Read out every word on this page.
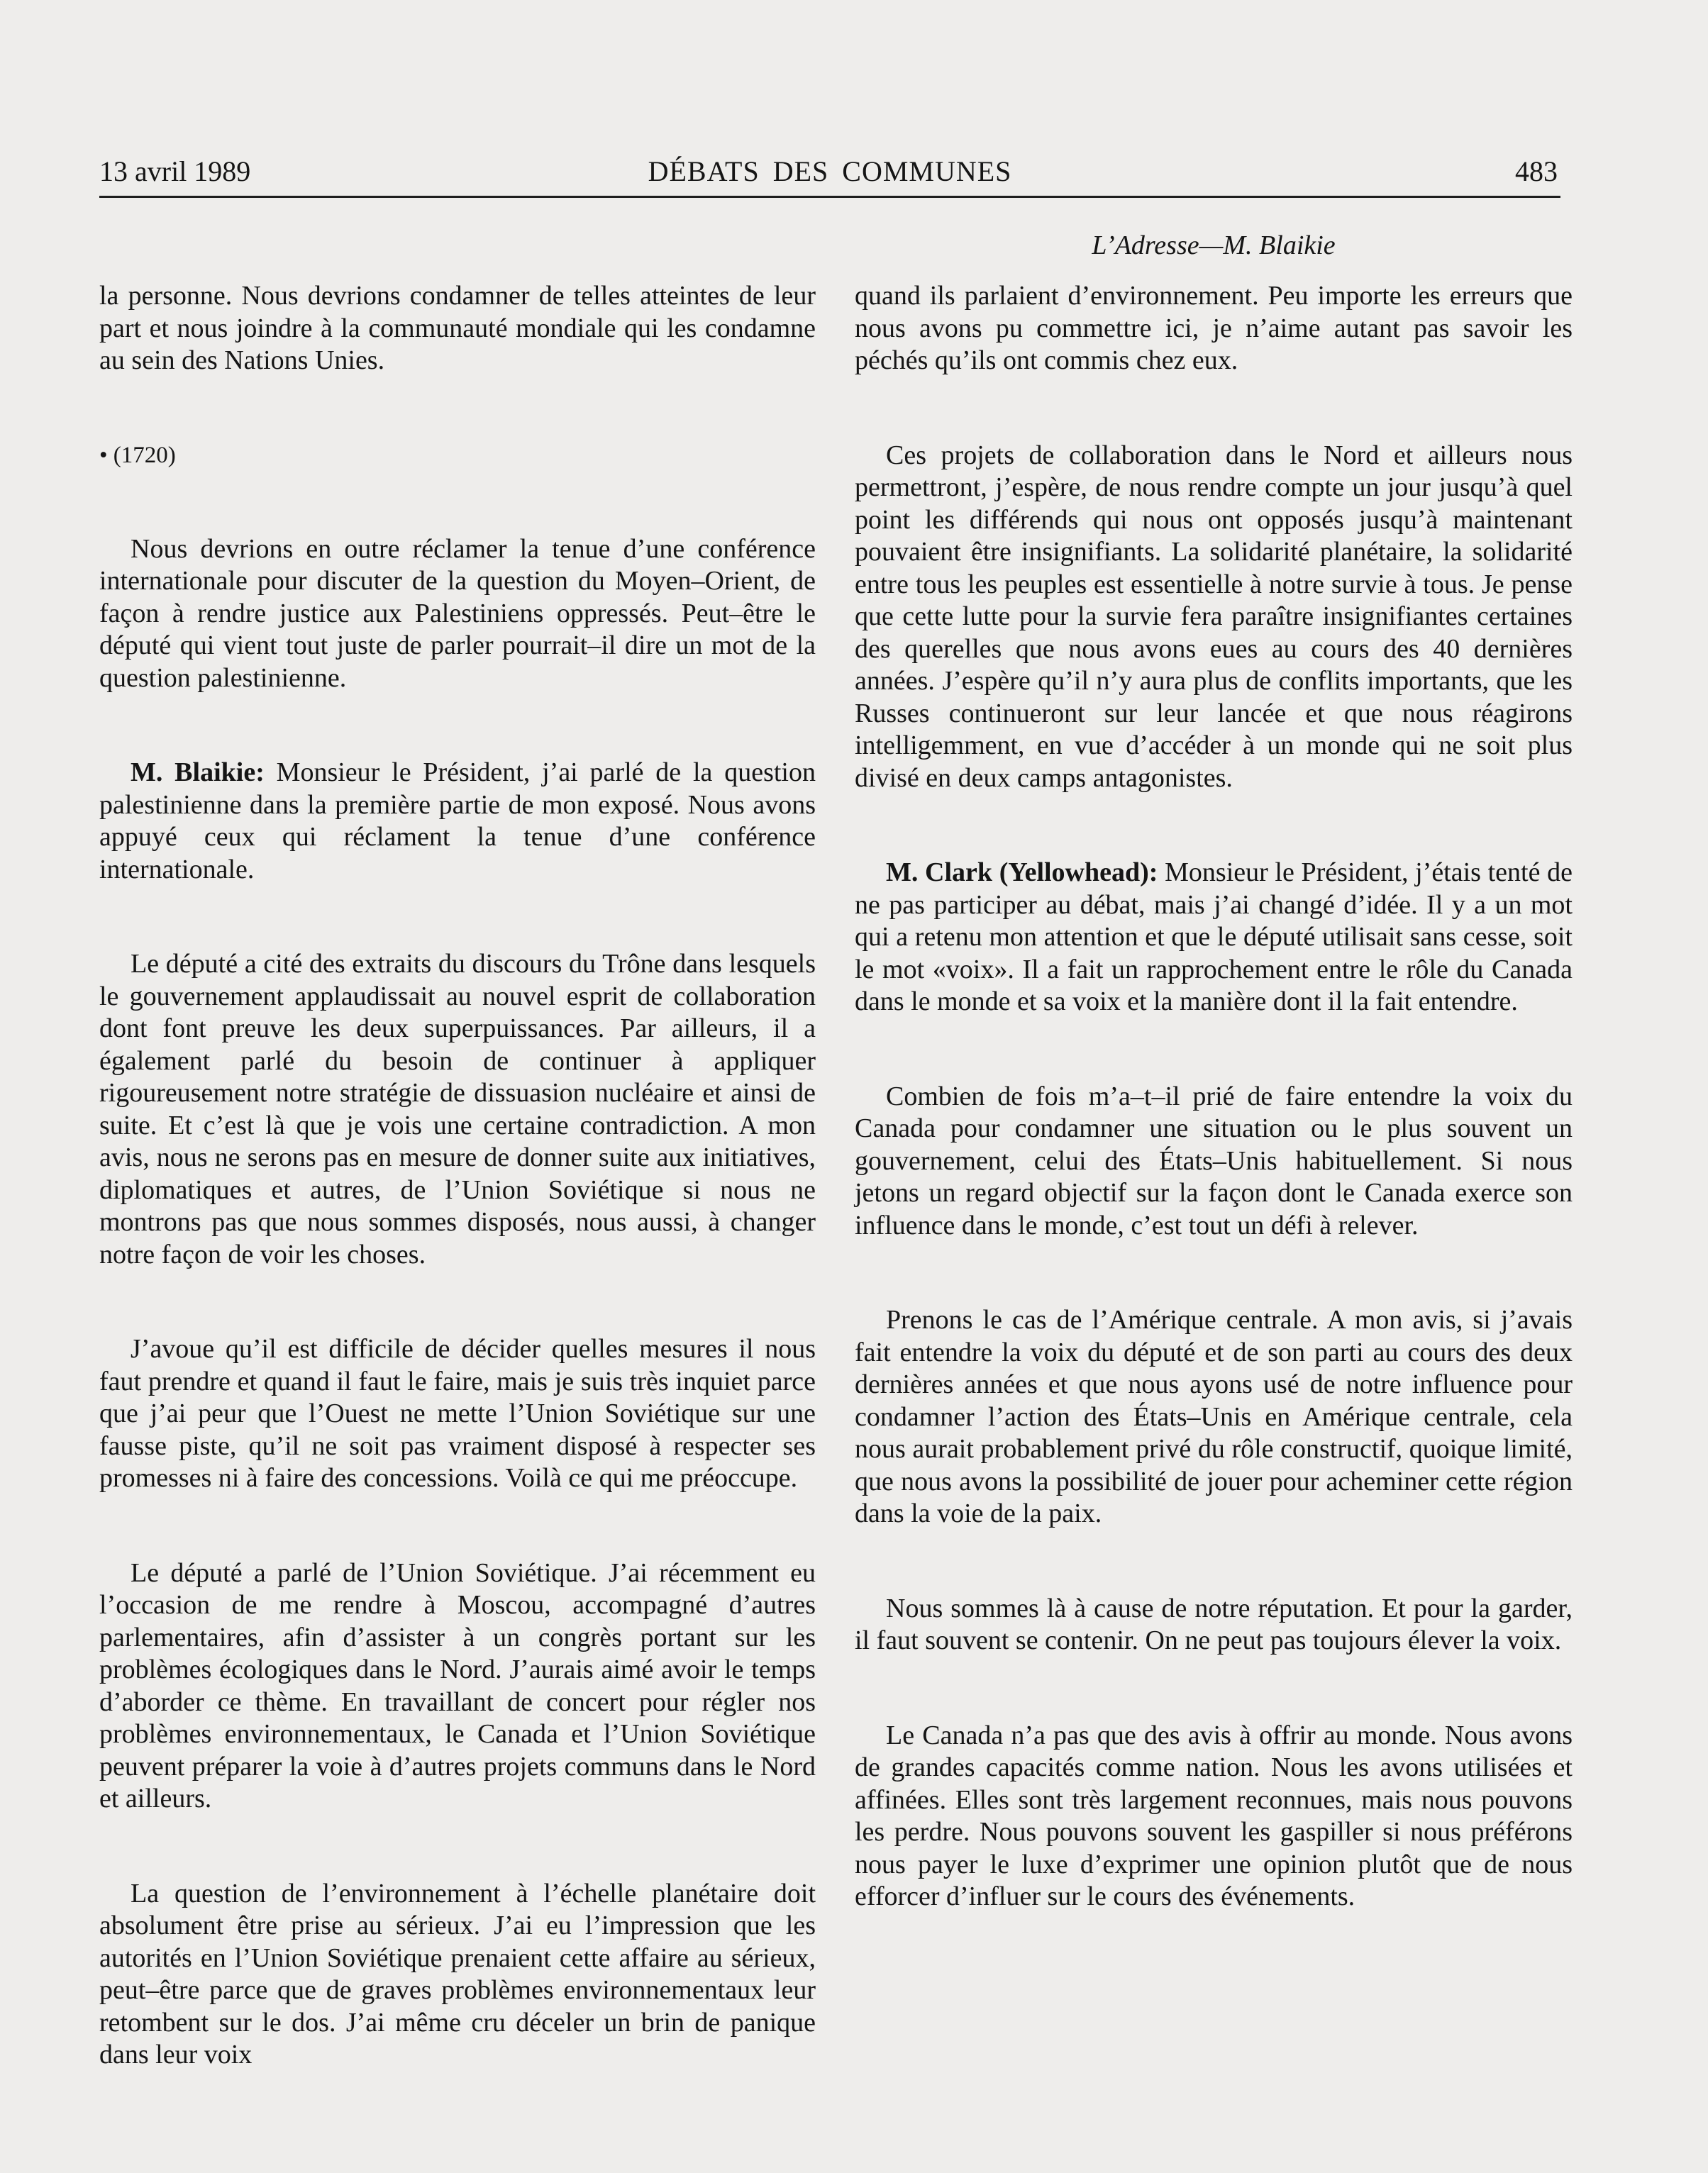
13 avril 1989	DÉBATS DES COMMUNES	483
L’Adresse—M. Blaikie

la personne. Nous devrions condamner de telles atteintes de leur part et nous joindre à la communauté mondiale qui les condamne au sein des Nations Unies.

• (1720)

Nous devrions en outre réclamer la tenue d’une conférence internationale pour discuter de la question du Moyen–Orient, de façon à rendre justice aux Palestiniens oppressés. Peut–être le député qui vient tout juste de parler pourrait–il dire un mot de la question palestinienne.

M. Blaikie: Monsieur le Président, j’ai parlé de la question palestinienne dans la première partie de mon exposé. Nous avons appuyé ceux qui réclament la tenue d’une conférence internationale.

Le député a cité des extraits du discours du Trône dans lesquels le gouvernement applaudissait au nouvel esprit de collaboration dont font preuve les deux superpuissances. Par ailleurs, il a également parlé du besoin de continuer à appliquer rigoureusement notre stratégie de dissuasion nucléaire et ainsi de suite. Et c’est là que je vois une certaine contradiction. A mon avis, nous ne serons pas en mesure de donner suite aux initiatives, diplomatiques et autres, de l’Union Soviétique si nous ne montrons pas que nous sommes disposés, nous aussi, à changer notre façon de voir les choses.

J’avoue qu’il est difficile de décider quelles mesures il nous faut prendre et quand il faut le faire, mais je suis très inquiet parce que j’ai peur que l’Ouest ne mette l’Union Soviétique sur une fausse piste, qu’il ne soit pas vraiment disposé à respecter ses promesses ni à faire des concessions. Voilà ce qui me préoccupe.

Le député a parlé de l’Union Soviétique. J’ai récemment eu l’occasion de me rendre à Moscou, accompagné d’autres parlementaires, afin d’assister à un congrès portant sur les problèmes écologiques dans le Nord. J’aurais aimé avoir le temps d’aborder ce thème. En travaillant de concert pour régler nos problèmes environnementaux, le Canada et l’Union Soviétique peuvent préparer la voie à d’autres projets communs dans le Nord et ailleurs.

La question de l’environnement à l’échelle planétaire doit absolument être prise au sérieux. J’ai eu l’impression que les autorités en l’Union Soviétique prenaient cette affaire au sérieux, peut–être parce que de graves problèmes environnementaux leur retombent sur le dos. J’ai même cru déceler un brin de panique dans leur voix

quand ils parlaient d’environnement. Peu importe les erreurs que nous avons pu commettre ici, je n’aime autant pas savoir les péchés qu’ils ont commis chez eux.

Ces projets de collaboration dans le Nord et ailleurs nous permettront, j’espère, de nous rendre compte un jour jusqu’à quel point les différends qui nous ont opposés jusqu’à maintenant pouvaient être insignifiants. La solidarité planétaire, la solidarité entre tous les peuples est essentielle à notre survie à tous. Je pense que cette lutte pour la survie fera paraître insignifiantes certaines des querelles que nous avons eues au cours des 40 dernières années. J’espère qu’il n’y aura plus de conflits importants, que les Russes continueront sur leur lancée et que nous réagirons intelligemment, en vue d’accéder à un monde qui ne soit plus divisé en deux camps antagonistes.

M. Clark (Yellowhead): Monsieur le Président, j’étais tenté de ne pas participer au débat, mais j’ai changé d’idée. Il y a un mot qui a retenu mon attention et que le député utilisait sans cesse, soit le mot «voix». Il a fait un rapprochement entre le rôle du Canada dans le monde et sa voix et la manière dont il la fait entendre.

Combien de fois m’a–t–il prié de faire entendre la voix du Canada pour condamner une situation ou le plus souvent un gouvernement, celui des États–Unis habituellement. Si nous jetons un regard objectif sur la façon dont le Canada exerce son influence dans le monde, c’est tout un défi à relever.

Prenons le cas de l’Amérique centrale. A mon avis, si j’avais fait entendre la voix du député et de son parti au cours des deux dernières années et que nous ayons usé de notre influence pour condamner l’action des États–Unis en Amérique centrale, cela nous aurait probablement privé du rôle constructif, quoique limité, que nous avons la possibilité de jouer pour acheminer cette région dans la voie de la paix.

Nous sommes là à cause de notre réputation. Et pour la garder, il faut souvent se contenir. On ne peut pas toujours élever la voix.

Le Canada n’a pas que des avis à offrir au monde. Nous avons de grandes capacités comme nation. Nous les avons utilisées et affinées. Elles sont très largement reconnues, mais nous pouvons les perdre. Nous pouvons souvent les gaspiller si nous préférons nous payer le luxe d’exprimer une opinion plutôt que de nous efforcer d’influer sur le cours des événements.
